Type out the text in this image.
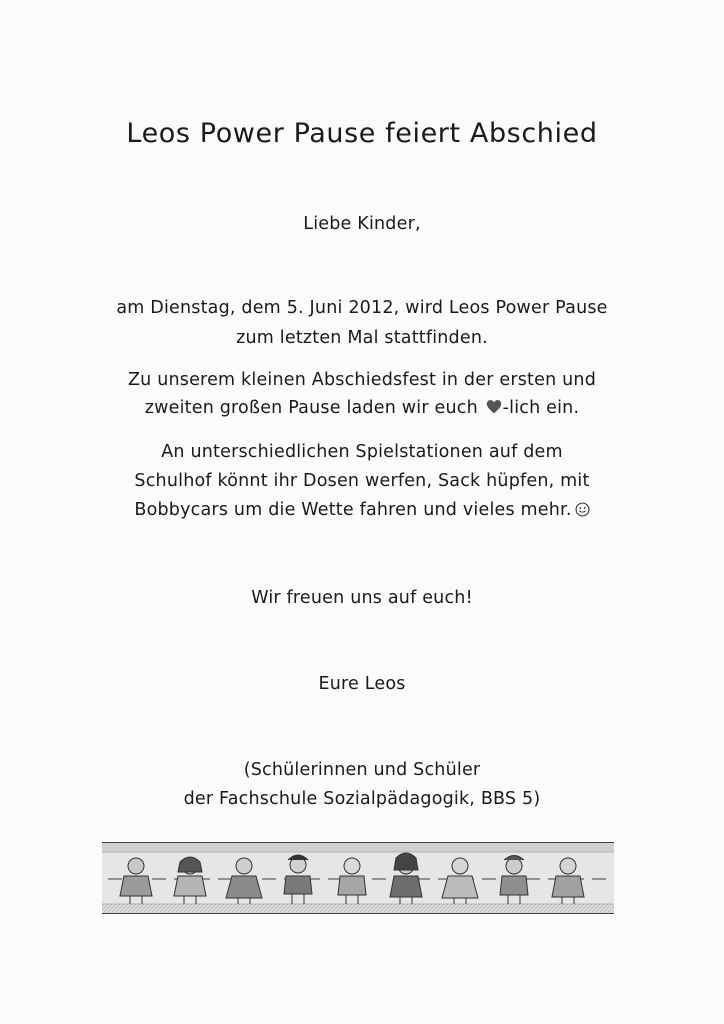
Leos Power Pause feiert Abschied
Liebe Kinder,
am Dienstag, dem 5. Juni 2012, wird Leos Power Pause
zum letzten Mal stattfinden.
Zu unserem kleinen Abschiedsfest in der ersten und
zweiten großen Pause laden wir euch -lich ein.
An unterschiedlichen Spielstationen auf dem
Schulhof könnt ihr Dosen werfen, Sack hüpfen, mit
Bobbycars um die Wette fahren und vieles mehr.
Wir freuen uns auf euch!
Eure Leos
(Schülerinnen und Schüler
der Fachschule Sozialpädagogik, BBS 5)
